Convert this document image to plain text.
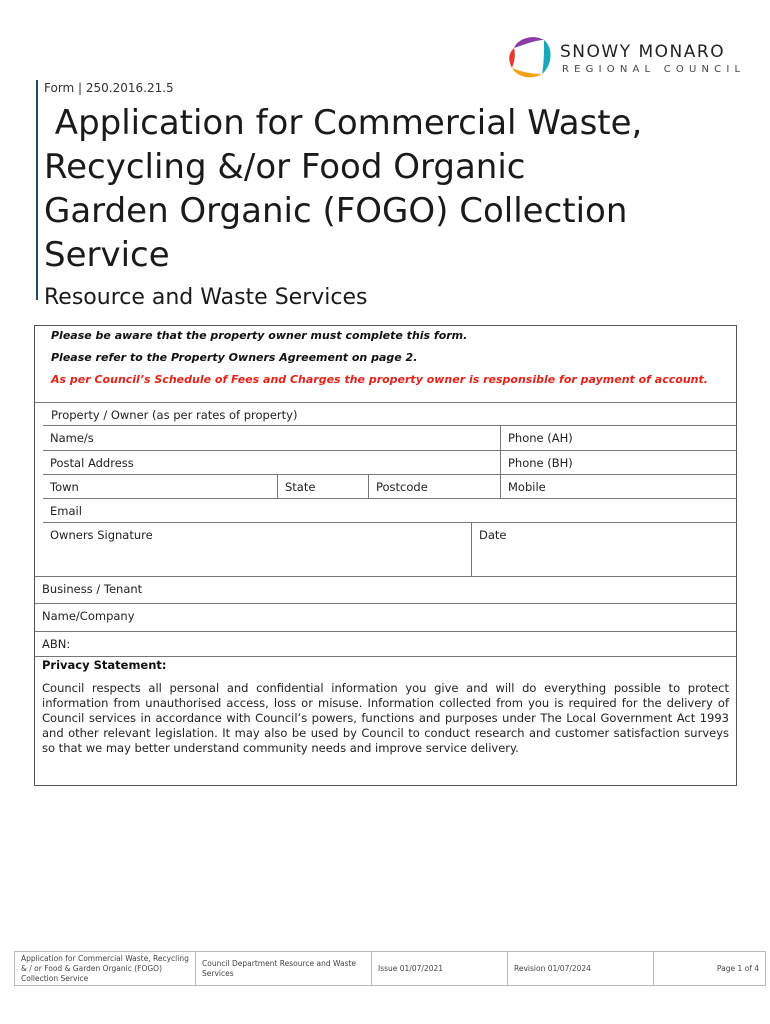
SNOWY MONARO
REGIONAL COUNCIL
Form | 250.2016.21.5
Application for Commercial Waste,
Recycling &/or Food Organic
Garden Organic (FOGO) Collection
Service
Resource and Waste Services
Please be aware that the property owner must complete this form.
Please refer to the Property Owners Agreement on page 2.
As per Council’s Schedule of Fees and Charges the property owner is responsible for payment of account.
Property / Owner (as per rates of property)
Name/s	Phone (AH)
Postal Address	Phone (BH)
Town	State	Postcode	Mobile
Email
Owners Signature	Date
Business / Tenant
Name/Company
ABN:
Privacy Statement:

Council respects all personal and confidential information you give and will do everything possible to protect information from unauthorised access, loss or misuse. Information collected from you is required for the delivery of Council services in accordance with Council’s powers, functions and purposes under The Local Government Act 1993 and other relevant legislation. It may also be used by Council to conduct research and customer satisfaction surveys so that we may better understand community needs and improve service delivery.

Application for Commercial Waste, Recycling & / or Food & Garden Organic (FOGO) Collection Service
Council Department Resource and Waste Services
Issue 01/07/2021	Revision 01/07/2024	Page 1 of 4
